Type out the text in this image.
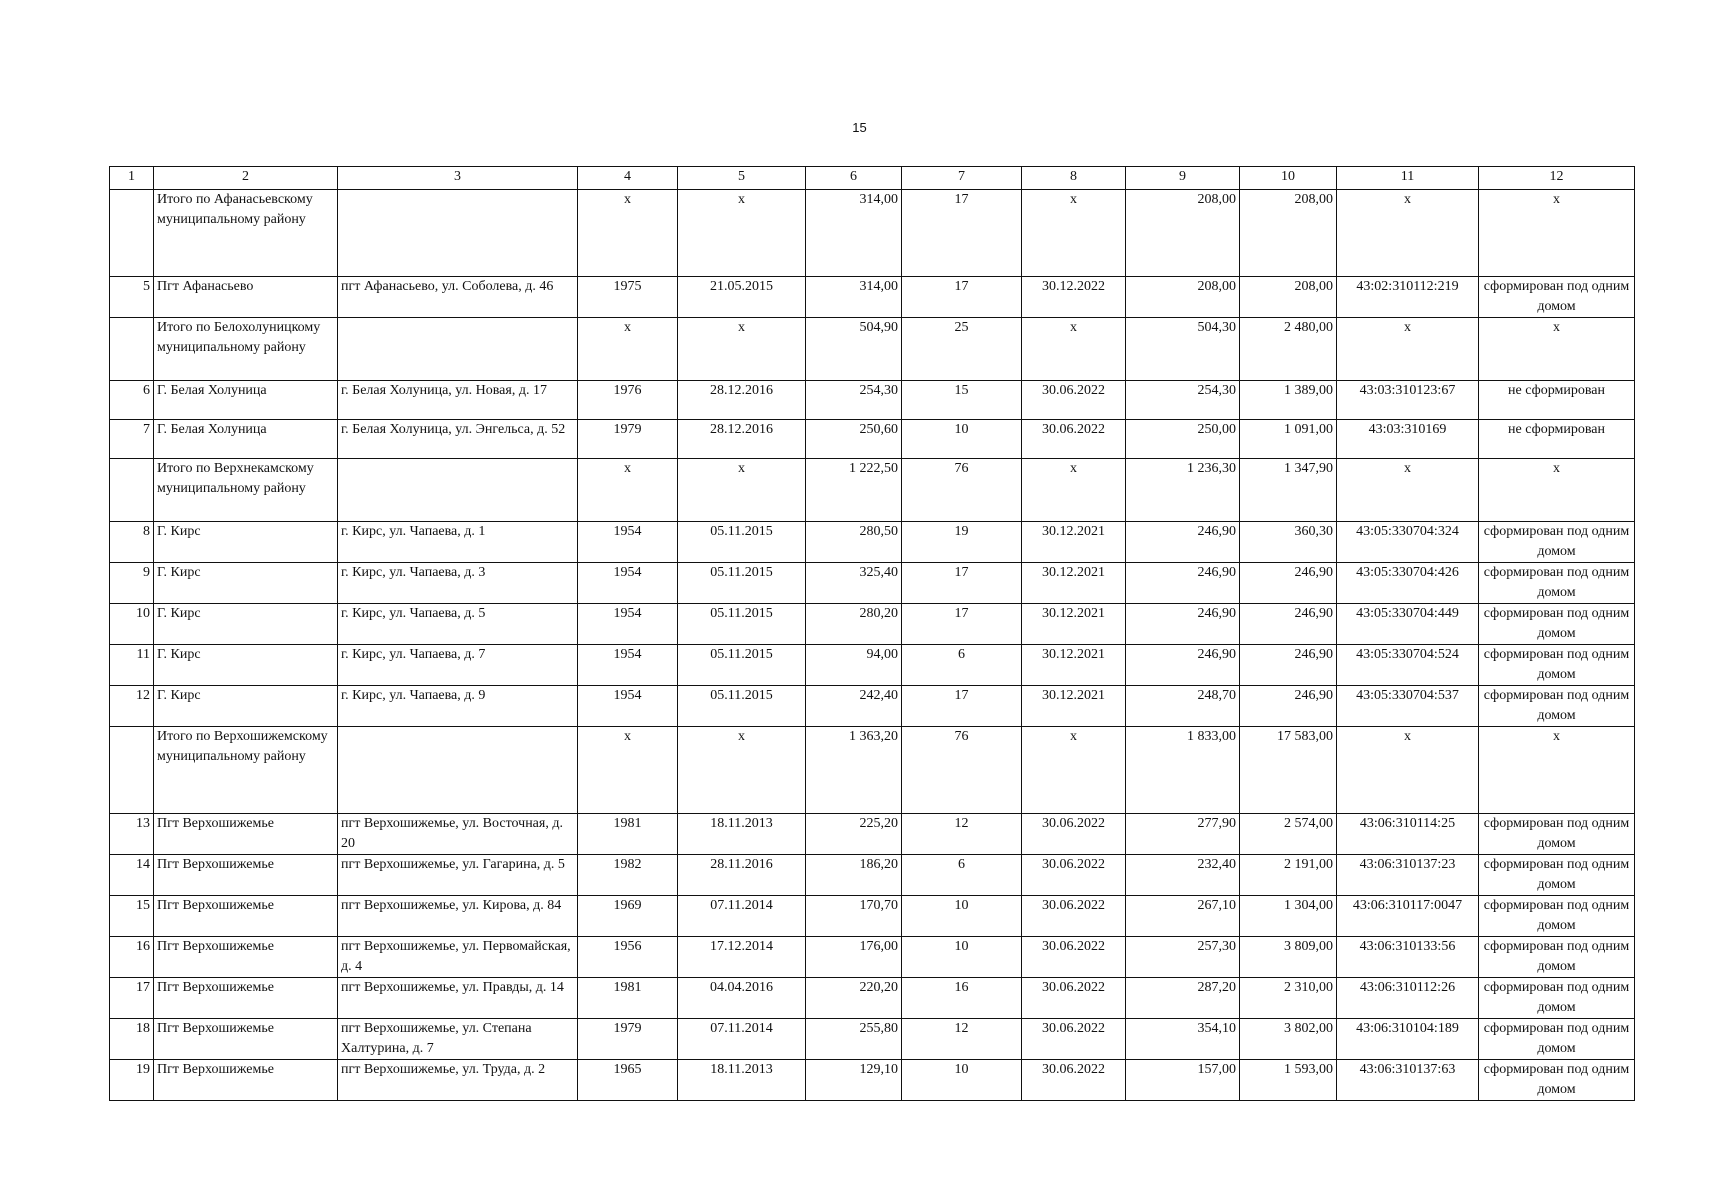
15
1	2	3	4	5	6	7	8	9	10	11	12
	Итого по Афанасьевскому муниципальному району		х	х	314,00	17	х	208,00	208,00	х	х
5	Пгт Афанасьево	пгт Афанасьево, ул. Соболева, д. 46	1975	21.05.2015	314,00	17	30.12.2022	208,00	208,00	43:02:310112:219	сформирован под одним домом
	Итого по Белохолуницкому муниципальному району		х	х	504,90	25	х	504,30	2 480,00	х	х
6	Г. Белая Холуница	г. Белая Холуница, ул. Новая, д. 17	1976	28.12.2016	254,30	15	30.06.2022	254,30	1 389,00	43:03:310123:67	не сформирован
7	Г. Белая Холуница	г. Белая Холуница, ул. Энгельса, д. 52	1979	28.12.2016	250,60	10	30.06.2022	250,00	1 091,00	43:03:310169	не сформирован
	Итого по Верхнекамскому муниципальному району		х	х	1 222,50	76	х	1 236,30	1 347,90	х	х
8	Г. Кирс	г. Кирс, ул. Чапаева, д. 1	1954	05.11.2015	280,50	19	30.12.2021	246,90	360,30	43:05:330704:324	сформирован под одним домом
9	Г. Кирс	г. Кирс, ул. Чапаева, д. 3	1954	05.11.2015	325,40	17	30.12.2021	246,90	246,90	43:05:330704:426	сформирован под одним домом
10	Г. Кирс	г. Кирс, ул. Чапаева, д. 5	1954	05.11.2015	280,20	17	30.12.2021	246,90	246,90	43:05:330704:449	сформирован под одним домом
11	Г. Кирс	г. Кирс, ул. Чапаева, д. 7	1954	05.11.2015	94,00	6	30.12.2021	246,90	246,90	43:05:330704:524	сформирован под одним домом
12	Г. Кирс	г. Кирс, ул. Чапаева, д. 9	1954	05.11.2015	242,40	17	30.12.2021	248,70	246,90	43:05:330704:537	сформирован под одним домом
	Итого по Верхошижемскому муниципальному району		х	х	1 363,20	76	х	1 833,00	17 583,00	х	х
13	Пгт Верхошижемье	пгт Верхошижемье, ул. Восточная, д. 20	1981	18.11.2013	225,20	12	30.06.2022	277,90	2 574,00	43:06:310114:25	сформирован под одним домом
14	Пгт Верхошижемье	пгт Верхошижемье, ул. Гагарина, д. 5	1982	28.11.2016	186,20	6	30.06.2022	232,40	2 191,00	43:06:310137:23	сформирован под одним домом
15	Пгт Верхошижемье	пгт Верхошижемье, ул. Кирова, д. 84	1969	07.11.2014	170,70	10	30.06.2022	267,10	1 304,00	43:06:310117:0047	сформирован под одним домом
16	Пгт Верхошижемье	пгт Верхошижемье, ул. Первомайская, д. 4	1956	17.12.2014	176,00	10	30.06.2022	257,30	3 809,00	43:06:310133:56	сформирован под одним домом
17	Пгт Верхошижемье	пгт Верхошижемье, ул. Правды, д. 14	1981	04.04.2016	220,20	16	30.06.2022	287,20	2 310,00	43:06:310112:26	сформирован под одним домом
18	Пгт Верхошижемье	пгт Верхошижемье, ул. Степана Халтурина, д. 7	1979	07.11.2014	255,80	12	30.06.2022	354,10	3 802,00	43:06:310104:189	сформирован под одним домом
19	Пгт Верхошижемье	пгт Верхошижемье, ул. Труда, д. 2	1965	18.11.2013	129,10	10	30.06.2022	157,00	1 593,00	43:06:310137:63	сформирован под одним домом
